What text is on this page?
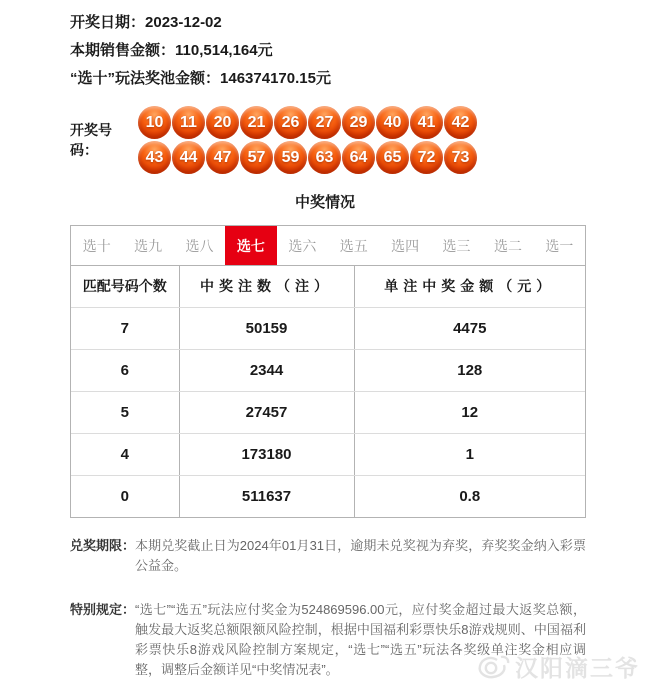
开奖日期：2023-12-02
本期销售金额：110,514,164元
“选十”玩法奖池金额：146374170.15元
开奖号码：
10	11	20	21	26	27	29	40	41	42
43	44	47	57	59	63	64	65	72	73
中奖情况
选十	选九	选八	选七	选六	选五	选四	选三	选二	选一
匹配号码个数	中奖注数（注）	单注中奖金额（元）
7	50159	4475
6	2344	128
5	27457	12
4	173180	1
0	511637	0.8
兑奖期限： 本期兑奖截止日为2024年01月31日，逾期未兑奖视为弃奖，弃奖奖金纳入彩票公益金。
特别规定： “选七”“选五”玩法应付奖金为524869596.00元，应付奖金超过最大返奖总额，触发最大返奖总额限额风险控制，根据中国福利彩票快乐8游戏规则、中国福利彩票快乐8游戏风险控制方案规定，“选七”“选五”玩法各奖级单注奖金相应调整，调整后金额详见“中奖情况表”。	汉阳滴三爷
